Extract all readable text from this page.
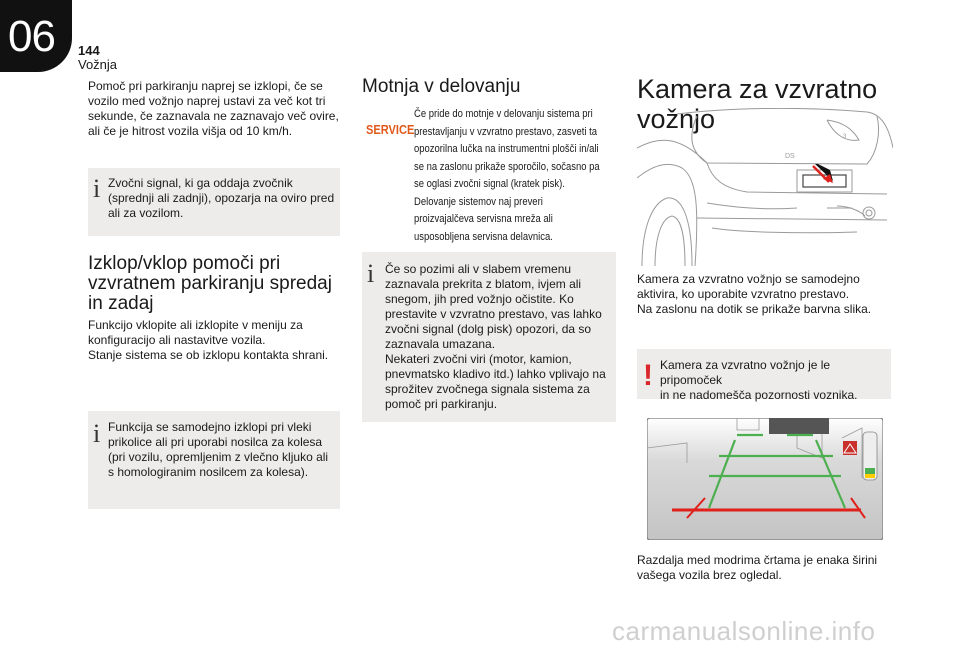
06	144
Vožnja
Pomoč pri parkiranju naprej se izklopi, če se
vozilo med vožnjo naprej ustavi za več kot tri
sekunde, če zaznavala ne zaznavajo več ovire,
ali če je hitrost vozila višja od 10 km/h.
i Zvočni signal, ki ga oddaja zvočnik
(sprednji ali zadnji), opozarja na oviro pred
ali za vozilom.
Izklop/vklop pomoči pri
vzvratnem parkiranju spredaj
in zadaj
Funkcijo vklopite ali izklopite v meniju za
konfiguracijo ali nastavitve vozila.
Stanje sistema se ob izklopu kontakta shrani.
i Funkcija se samodejno izklopi pri vleki
prikolice ali pri uporabi nosilca za kolesa
(pri vozilu, opremljenim z vlečno kljuko ali
s homologiranim nosilcem za kolesa).
Motnja v delovanju
SERVICE
Če pride do motnje v delovanju sistema pri
prestavljanju v vzvratno prestavo, zasveti ta
opozorilna lučka na instrumentni plošči in/ali
se na zaslonu prikaže sporočilo, sočasno pa
se oglasi zvočni signal (kratek pisk).
Delovanje sistemov naj preveri
proizvajalčeva servisna mreža ali
usposobljena servisna delavnica.
i Če so pozimi ali v slabem vremenu
zaznavala prekrita z blatom, ivjem ali
snegom, jih pred vožnjo očistite. Ko
prestavite v vzvratno prestavo, vas lahko
zvočni signal (dolg pisk) opozori, da so
zaznavala umazana.
Nekateri zvočni viri (motor, kamion,
pnevmatsko kladivo itd.) lahko vplivajo na
sprožitev zvočnega signala sistema za
pomoč pri parkiranju.
Kamera za vzvratno vožnjo
DS
3
Kamera za vzvratno vožnjo se samodejno
aktivira, ko uporabite vzvratno prestavo.
Na zaslonu na dotik se prikaže barvna slika.
! Kamera za vzvratno vožnjo je le pripomoček
in ne nadomešča pozornosti voznika.
Razdalja med modrima črtama je enaka širini
vašega vozila brez ogledal.
carmanualsonline.info
